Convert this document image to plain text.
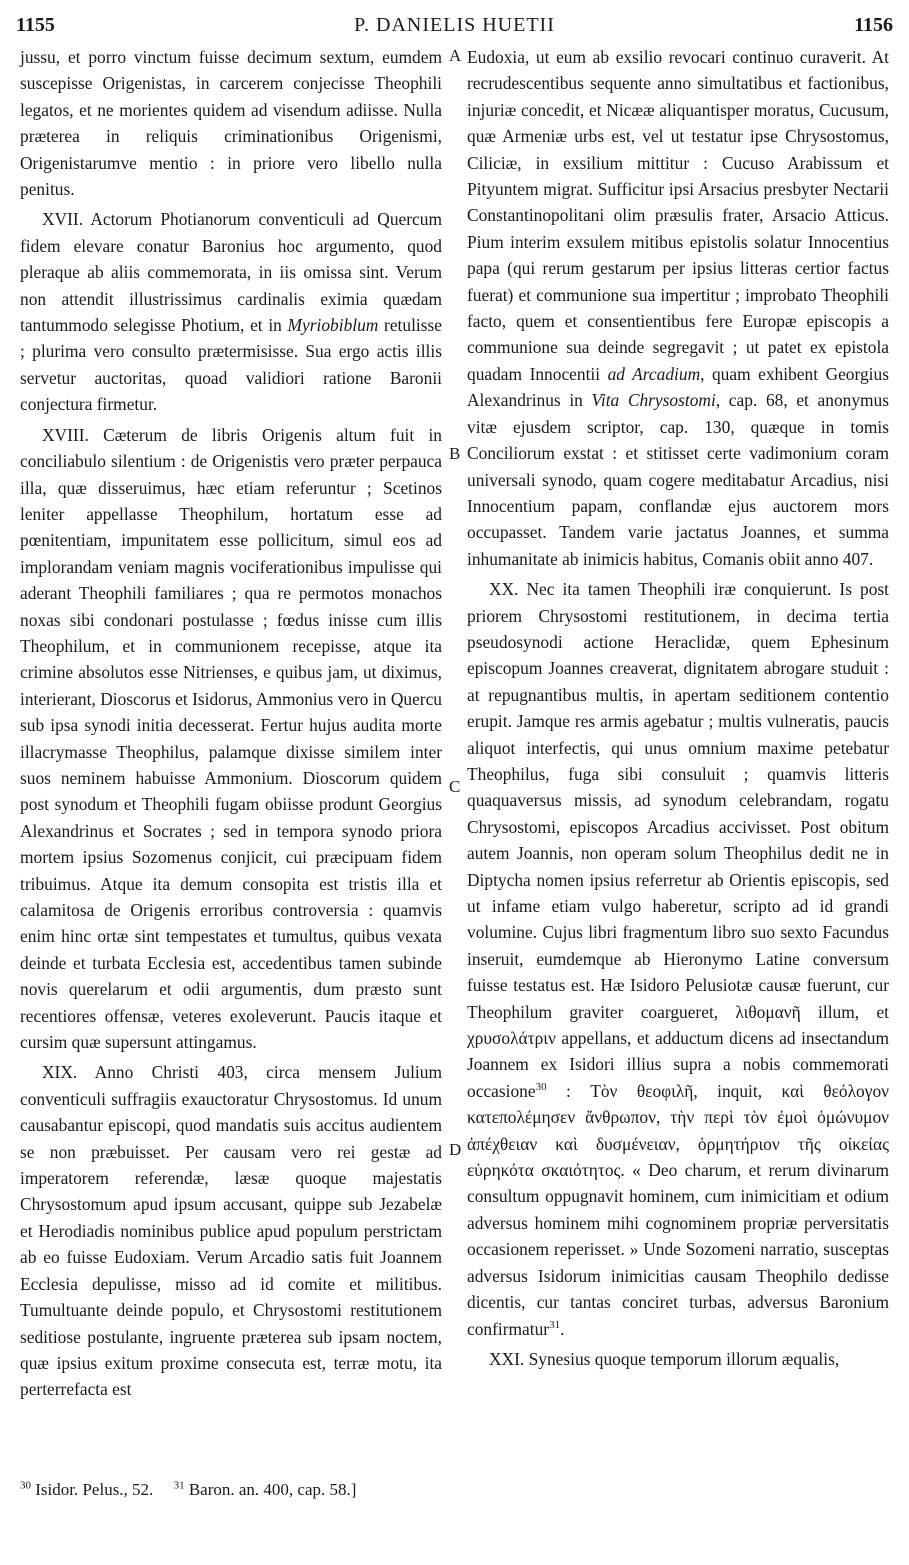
1155	P. DANIELIS HUETII	1156
A
B
C
D

jussu, et porro vinctum fuisse decimum sextum, eumdem suscepisse Origenistas, in carcerem conjecisse Theophili legatos, et ne morientes quidem ad visendum adiisse. Nulla præterea in reliquis criminationibus Origenismi, Origenistarumve mentio : in priore vero libello nulla penitus.

XVII. Actorum Photianorum conventiculi ad Quercum fidem elevare conatur Baronius hoc argumento, quod pleraque ab aliis commemorata, in iis omissa sint. Verum non attendit illustrissimus cardinalis eximia quædam tantummodo selegisse Photium, et in Myriobiblum retulisse ; plurima vero consulto prætermisisse. Sua ergo actis illis servetur auctoritas, quoad validiori ratione Baronii conjectura firmetur.

XVIII. Cæterum de libris Origenis altum fuit in conciliabulo silentium : de Origenistis vero præter perpauca illa, quæ disseruimus, hæc etiam referuntur ; Scetinos leniter appellasse Theophilum, hortatum esse ad pœnitentiam, impunitatem esse pollicitum, simul eos ad implorandam veniam magnis vociferationibus impulisse qui aderant Theophili familiares ; qua re permotos monachos noxas sibi condonari postulasse ; fœdus inisse cum illis Theophilum, et in communionem recepisse, atque ita crimine absolutos esse Nitrienses, e quibus jam, ut diximus, interierant, Dioscorus et Isidorus, Ammonius vero in Quercu sub ipsa synodi initia decesserat. Fertur hujus audita morte illacrymasse Theophilus, palamque dixisse similem inter suos neminem habuisse Ammonium. Dioscorum quidem post synodum et Theophili fugam obiisse produnt Georgius Alexandrinus et Socrates ; sed in tempora synodo priora mortem ipsius Sozomenus conjicit, cui præcipuam fidem tribuimus. Atque ita demum consopita est tristis illa et calamitosa de Origenis erroribus controversia : quamvis enim hinc ortæ sint tempestates et tumultus, quibus vexata deinde et turbata Ecclesia est, accedentibus tamen subinde novis querelarum et odii argumentis, dum præsto sunt recentiores offensæ, veteres exoleverunt. Paucis itaque et cursim quæ supersunt attingamus.

XIX. Anno Christi 403, circa mensem Julium conventiculi suffragiis exauctoratur Chrysostomus. Id unum causabantur episcopi, quod mandatis suis accitus audientem se non præbuisset. Per causam vero rei gestæ ad imperatorem referendæ, læsæ quoque majestatis Chrysostomum apud ipsum accusant, quippe sub Jezabelæ et Herodiadis nominibus publice apud populum perstrictam ab eo fuisse Eudoxiam. Verum Arcadio satis fuit Joannem Ecclesia depulisse, misso ad id comite et militibus. Tumultuante deinde populo, et Chrysostomi restitutionem seditiose postulante, ingruente præterea sub ipsam noctem, quæ ipsius exitum proxime consecuta est, terræ motu, ita perterrefacta est

Eudoxia, ut eum ab exsilio revocari continuo curaverit. At recrudescentibus sequente anno simultatibus et factionibus, injuriæ concedit, et Nicææ aliquantisper moratus, Cucusum, quæ Armeniæ urbs est, vel ut testatur ipse Chrysostomus, Ciliciæ, in exsilium mittitur : Cucuso Arabissum et Pityuntem migrat. Sufficitur ipsi Arsacius presbyter Nectarii Constantinopolitani olim præsulis frater, Arsacio Atticus. Pium interim exsulem mitibus epistolis solatur Innocentius papa (qui rerum gestarum per ipsius litteras certior factus fuerat) et communione sua impertitur ; improbato Theophili facto, quem et consentientibus fere Europæ episcopis a communione sua deinde segregavit ; ut patet ex epistola quadam Innocentii ad Arcadium, quam exhibent Georgius Alexandrinus in Vita Chrysostomi, cap. 68, et anonymus vitæ ejusdem scriptor, cap. 130, quæque in tomis Conciliorum exstat : et stitisset certe vadimonium coram universali synodo, quam cogere meditabatur Arcadius, nisi Innocentium papam, conflandæ ejus auctorem mors occupasset. Tandem varie jactatus Joannes, et summa inhumanitate ab inimicis habitus, Comanis obiit anno 407.

XX. Nec ita tamen Theophili iræ conquierunt. Is post priorem Chrysostomi restitutionem, in decima tertia pseudosynodi actione Heraclidæ, quem Ephesinum episcopum Joannes creaverat, dignitatem abrogare studuit : at repugnantibus multis, in apertam seditionem contentio erupit. Jamque res armis agebatur ; multis vulneratis, paucis aliquot interfectis, qui unus omnium maxime petebatur Theophilus, fuga sibi consuluit ; quamvis litteris quaquaversus missis, ad synodum celebrandam, rogatu Chrysostomi, episcopos Arcadius accivisset. Post obitum autem Joannis, non operam solum Theophilus dedit ne in Diptycha nomen ipsius referretur ab Orientis episcopis, sed ut infame etiam vulgo haberetur, scripto ad id grandi volumine. Cujus libri fragmentum libro suo sexto Facundus inseruit, eumdemque ab Hieronymo Latine conversum fuisse testatus est. Hæ Isidoro Pelusiotæ causæ fuerunt, cur Theophilum graviter coargueret, λιθομανῆ illum, et χρυσολάτριν appellans, et adductum dicens ad insectandum Joannem ex Isidori illius supra a nobis commemorati occasione$^{30}$ : Τὸν θεοφιλῆ, inquit, καὶ θεόλογον κατεπολέμησεν ἄνθρωπον, τὴν περὶ τὸν ἐμοὶ ὁμώνυμον ἀπέχθειαν καὶ δυσμένειαν, ὁρμητήριον τῆς οἰκείας εὑρηκότα σκαιότητος. « Deo charum, et rerum divinarum consultum oppugnavit hominem, cum inimicitiam et odium adversus hominem mihi cognominem propriæ perversitatis occasionem reperisset. » Unde Sozomeni narratio, susceptas adversus Isidorum inimicitias causam Theophilo dedisse dicentis, cur tantas conciret turbas, adversus Baronium confirmatur$^{31}$.

XXI. Synesius quoque temporum illorum æqualis,

$^{30}$ Isidor. Pelus., 52. $^{31}$ Baron. an. 400, cap. 58.]
